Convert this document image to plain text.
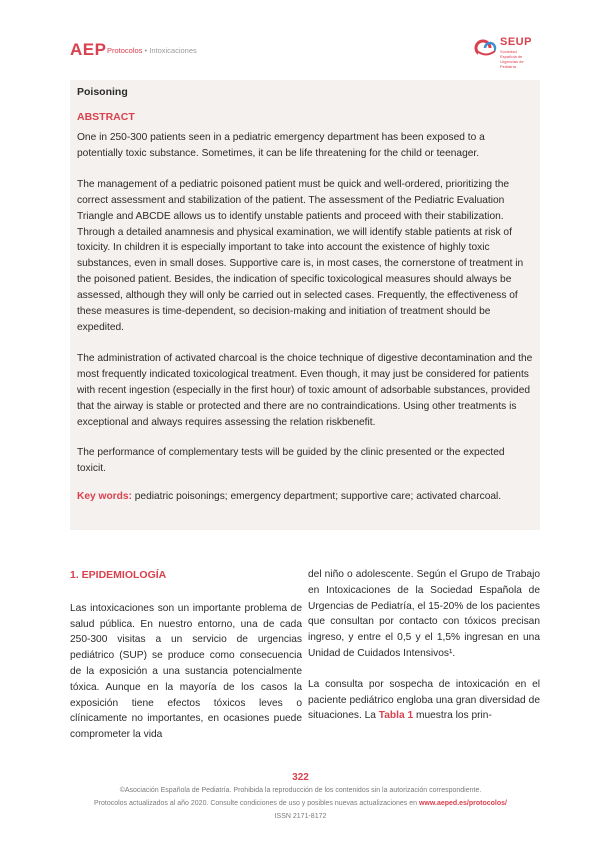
AEP Protocolos • Intoxicaciones
SEUP
Sociedad Española de Urgencias de Pediatría
Poisoning
ABSTRACT

One in 250-300 patients seen in a pediatric emergency department has been exposed to a potentially toxic substance. Sometimes, it can be life threatening for the child or teenager.

The management of a pediatric poisoned patient must be quick and well-ordered, prioritizing the correct assessment and stabilization of the patient. The assessment of the Pediatric Evaluation Triangle and ABCDE allows us to identify unstable patients and proceed with their stabilization. Through a detailed anamnesis and physical examination, we will identify stable patients at risk of toxicity. In children it is especially important to take into account the existence of highly toxic substances, even in small doses. Supportive care is, in most cases, the cornerstone of treatment in the poisoned patient. Besides, the indication of specific toxicological measures should always be assessed, although they will only be carried out in selected cases. Frequently, the effectiveness of these measures is time-dependent, so decision-making and initiation of treatment should be expedited.

The administration of activated charcoal is the choice technique of digestive decontamination and the most frequently indicated toxicological treatment. Even though, it may just be considered for patients with recent ingestion (especially in the first hour) of toxic amount of adsorbable substances, provided that the airway is stable or protected and there are no contraindications. Using other treatments is exceptional and always requires assessing the relation riskbenefit.

The performance of complementary tests will be guided by the clinic presented or the expected toxicit.

Key words: pediatric poisonings; emergency department; supportive care; activated charcoal.

1. EPIDEMIOLOGÍA

Las intoxicaciones son un importante problema de salud pública. En nuestro entorno, una de cada 250-300 visitas a un servicio de urgencias pediátrico (SUP) se produce como consecuencia de la exposición a una sustancia potencialmente tóxica. Aunque en la mayoría de los casos la exposición tiene efectos tóxicos leves o clínicamente no importantes, en ocasiones puede comprometer la vida

del niño o adolescente. Según el Grupo de Trabajo en Intoxicaciones de la Sociedad Española de Urgencias de Pediatría, el 15-20% de los pacientes que consultan por contacto con tóxicos precisan ingreso, y entre el 0,5 y el 1,5% ingresan en una Unidad de Cuidados Intensivos¹.

La consulta por sospecha de intoxicación en el paciente pediátrico engloba una gran diversidad de situaciones. La Tabla 1 muestra los prin-

322
©Asociación Española de Pediatría. Prohibida la reproducción de los contenidos sin la autorización correspondiente.
Protocolos actualizados al año 2020. Consulte condiciones de uso y posibles nuevas actualizaciones en www.aeped.es/protocolos/
ISSN 2171-8172
